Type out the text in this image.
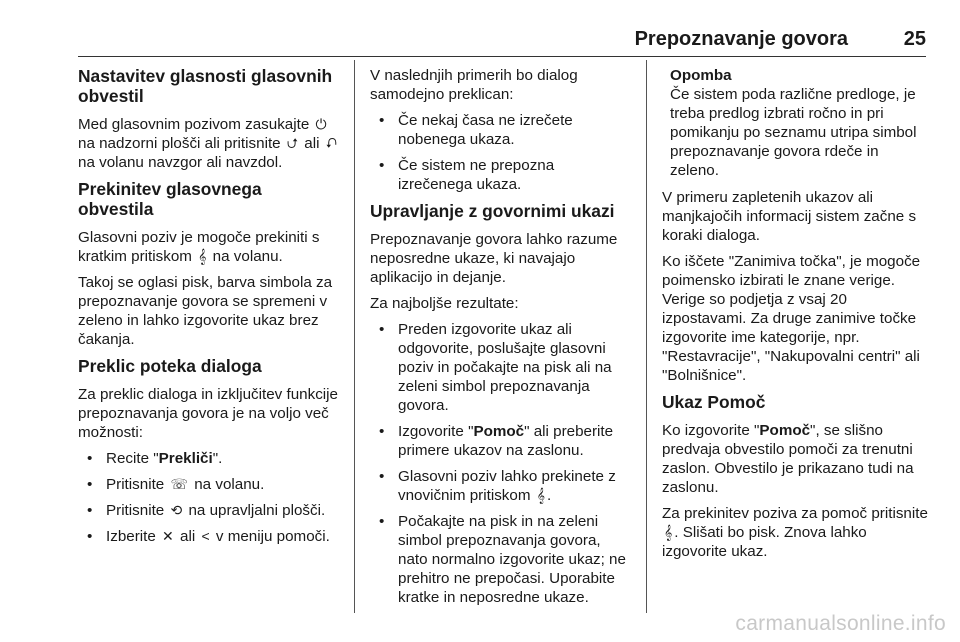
Prepoznavanje govora	25
Nastavitev glasnosti glasovnih obvestil

Med glasovnim pozivom zasukajte ⏻ na nadzorni plošči ali pritisnite ⮍ ali ⮏ na volanu navzgor ali navzdol.

Prekinitev glasovnega obvestila

Glasovni poziv je mogoče prekiniti s kratkim pritiskom 𝄞 na volanu.

Takoj se oglasi pisk, barva simbola za prepoznavanje govora se spremeni v zeleno in lahko izgovorite ukaz brez čakanja.

Preklic poteka dialoga

Za preklic dialoga in izklјučitev funkcije prepoznavanja govora je na voljo več možnosti:

• Recite "Prekliči".
• Pritisnite ☏ na volanu.
• Pritisnite ⟲ na upravljalni plošči.
• Izberite ✕ ali < v meniju pomoči.

V naslednjih primerih bo dialog samodejno preklican:

• Če nekaj časa ne izrečete nobenega ukaza.
• Če sistem ne prepozna izrečenega ukaza.
Upravljanje z govornimi ukazi

Prepoznavanje govora lahko razume neposredne ukaze, ki navajajo aplikacijo in dejanje.

Za najboljše rezultate:

• Preden izgovorite ukaz ali odgovorite, poslušajte glasovni poziv in počakajte na pisk ali na zeleni simbol prepoznavanja govora.
• Izgovorite "Pomoč" ali preberite primere ukazov na zaslonu.
• Glasovni poziv lahko prekinete z vnovičnim pritiskom 𝄞 .
• Počakajte na pisk in na zeleni simbol prepoznavanja govora, nato normalno izgovorite ukaz; ne prehitro ne prepočasi. Uporabite kratke in neposredne ukaze.
Opomba
Če sistem poda različne predloge, je treba predlog izbrati ročno in pri pomikanju po seznamu utripa simbol prepoznavanje govora rdeče in zeleno.

V primeru zapletenih ukazov ali manjkajočih informacij sistem začne s koraki dialoga.

Ko iščete "Zanimiva točka", je mogoče poimensko izbirati le znane verige. Verige so podjetja z vsaj 20 izpostavami. Za druge zanimive točke izgovorite ime kategorije, npr. "Restavracije", "Nakupovalni centri" ali "Bolnišnice".

Ukaz Pomoč

Ko izgovorite "Pomoč", se slišno predvaja obvestilo pomoči za trenutni zaslon. Obvestilo je prikazano tudi na zaslonu.

Za prekinitev poziva za pomoč pritisnite 𝄞 . Slišati bo pisk. Znova lahko izgovorite ukaz.

carmanualsonline.info
